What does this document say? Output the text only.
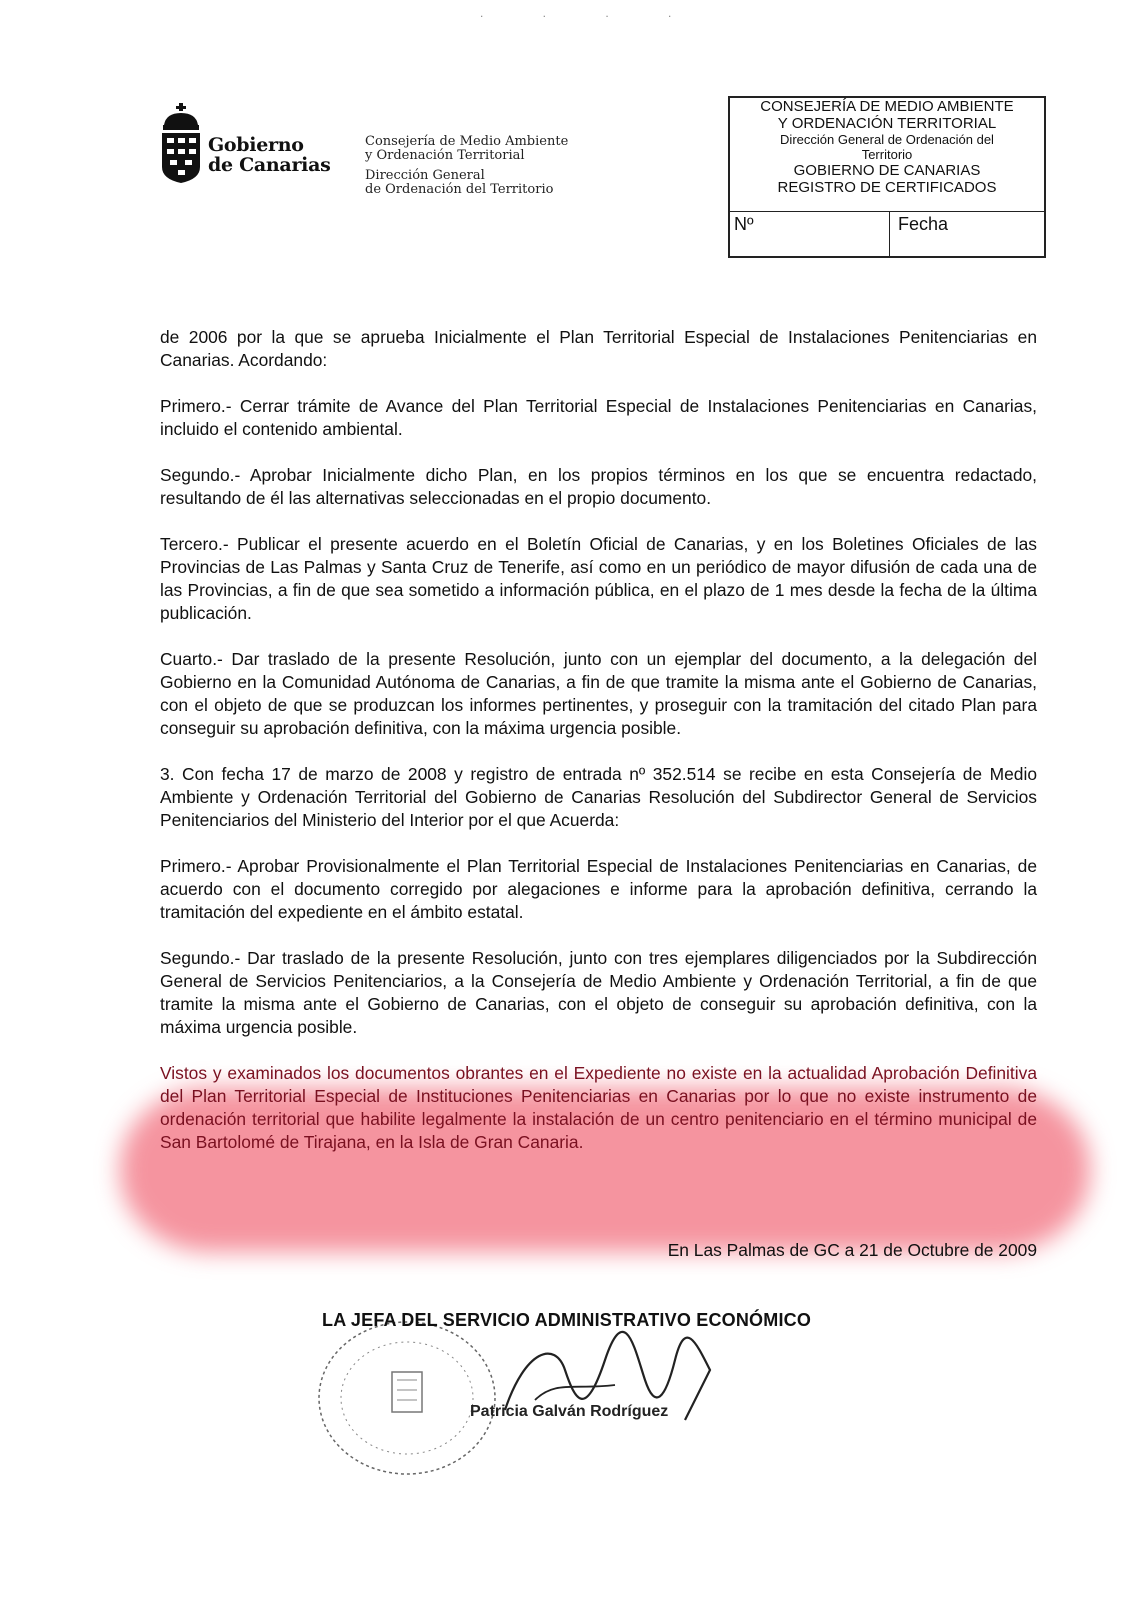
. . . .
Gobierno
de Canarias
Consejería de Medio Ambiente
y Ordenación Territorial
Dirección General
de Ordenación del Territorio
CONSEJERÍA DE MEDIO AMBIENTE
Y ORDENACIÓN TERRITORIAL
Dirección General de Ordenación del
Territorio
GOBIERNO DE CANARIAS
REGISTRO DE CERTIFICADOS
Nº	Fecha

de 2006 por la que se aprueba Inicialmente el Plan Territorial Especial de Instalaciones Penitenciarias en Canarias. Acordando:

Primero.- Cerrar trámite de Avance del Plan Territorial Especial de Instalaciones Penitenciarias en Canarias, incluido el contenido ambiental.

Segundo.- Aprobar Inicialmente dicho Plan, en los propios términos en los que se encuentra redactado, resultando de él las alternativas seleccionadas en el propio documento.

Tercero.- Publicar el presente acuerdo en el Boletín Oficial de Canarias, y en los Boletines Oficiales de las Provincias de Las Palmas y Santa Cruz de Tenerife, así como en un periódico de mayor difusión de cada una de las Provincias, a fin de que sea sometido a información pública, en el plazo de 1 mes desde la fecha de la última publicación.

Cuarto.- Dar traslado de la presente Resolución, junto con un ejemplar del documento, a la delegación del Gobierno en la Comunidad Autónoma de Canarias, a fin de que tramite la misma ante el Gobierno de Canarias, con el objeto de que se produzcan los informes pertinentes, y proseguir con la tramitación del citado Plan para conseguir su aprobación definitiva, con la máxima urgencia posible.

3. Con fecha 17 de marzo de 2008 y registro de entrada nº 352.514 se recibe en esta Consejería de Medio Ambiente y Ordenación Territorial del Gobierno de Canarias Resolución del Subdirector General de Servicios Penitenciarios del Ministerio del Interior por el que Acuerda:

Primero.- Aprobar Provisionalmente el Plan Territorial Especial de Instalaciones Penitenciarias en Canarias, de acuerdo con el documento corregido por alegaciones e informe para la aprobación definitiva, cerrando la tramitación del expediente en el ámbito estatal.

Segundo.- Dar traslado de la presente Resolución, junto con tres ejemplares diligenciados por la Subdirección General de Servicios Penitenciarios, a la Consejería de Medio Ambiente y Ordenación Territorial, a fin de que tramite la misma ante el Gobierno de Canarias, con el objeto de conseguir su aprobación definitiva, con la máxima urgencia posible.

Vistos y examinados los documentos obrantes en el Expediente no existe en la actualidad Aprobación Definitiva del Plan Territorial Especial de Instituciones Penitenciarias en Canarias por lo que no existe instrumento de ordenación territorial que habilite legalmente la instalación de un centro penitenciario en el término municipal de San Bartolomé de Tirajana, en la Isla de Gran Canaria.

En Las Palmas de GC a 21 de Octubre de 2009
LA JEFA DEL SERVICIO ADMINISTRATIVO ECONÓMICO
Patricia Galván Rodríguez
